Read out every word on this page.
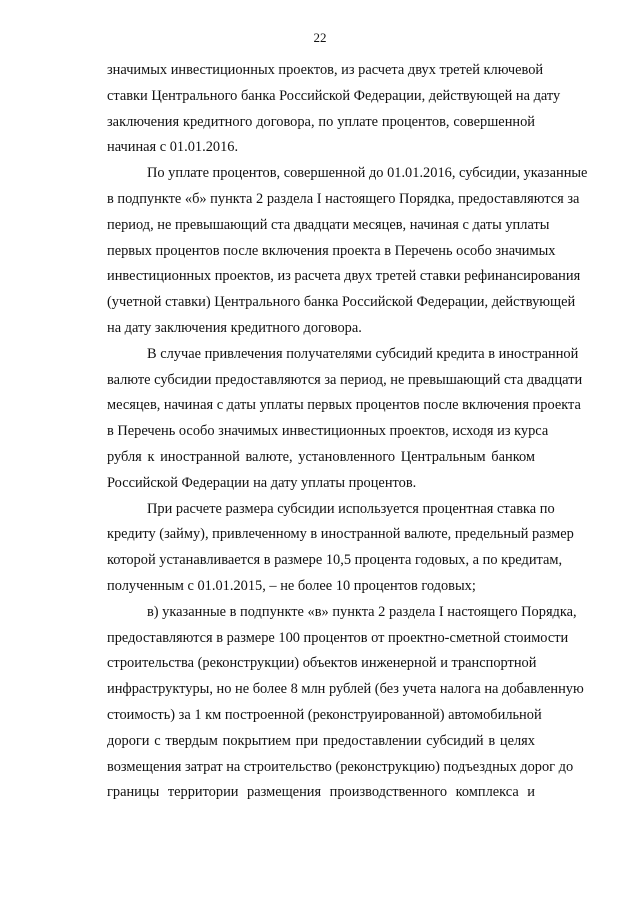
22
значимых инвестиционных проектов, из расчета двух третей ключевой
ставки Центрального банка Российской Федерации, действующей на дату
заключения кредитного договора, по уплате процентов, совершенной
начиная с 01.01.2016.
По уплате процентов, совершенной до 01.01.2016, субсидии, указанные
в подпункте «б» пункта 2 раздела I настоящего Порядка, предоставляются за
период, не превышающий ста двадцати месяцев, начиная с даты уплаты
первых процентов после включения проекта в Перечень особо значимых
инвестиционных проектов, из расчета двух третей ставки рефинансирования
(учетной ставки) Центрального банка Российской Федерации, действующей
на дату заключения кредитного договора.
В случае привлечения получателями субсидий кредита в иностранной
валюте субсидии предоставляются за период, не превышающий ста двадцати
месяцев, начиная с даты уплаты первых процентов после включения проекта
в Перечень особо значимых инвестиционных проектов, исходя из курса
рубля к иностранной валюте, установленного Центральным банком
Российской Федерации на дату уплаты процентов.
При расчете размера субсидии используется процентная ставка по
кредиту (займу), привлеченному в иностранной валюте, предельный размер
которой устанавливается в размере 10,5 процента годовых, а по кредитам,
полученным с 01.01.2015, – не более 10 процентов годовых;
в) указанные в подпункте «в» пункта 2 раздела I настоящего Порядка,
предоставляются в размере 100 процентов от проектно-сметной стоимости
строительства (реконструкции) объектов инженерной и транспортной
инфраструктуры, но не более 8 млн рублей (без учета налога на добавленную
стоимость) за 1 км построенной (реконструированной) автомобильной
дороги с твердым покрытием при предоставлении субсидий в целях
возмещения затрат на строительство (реконструкцию) подъездных дорог до
границы территории размещения производственного комплекса и
